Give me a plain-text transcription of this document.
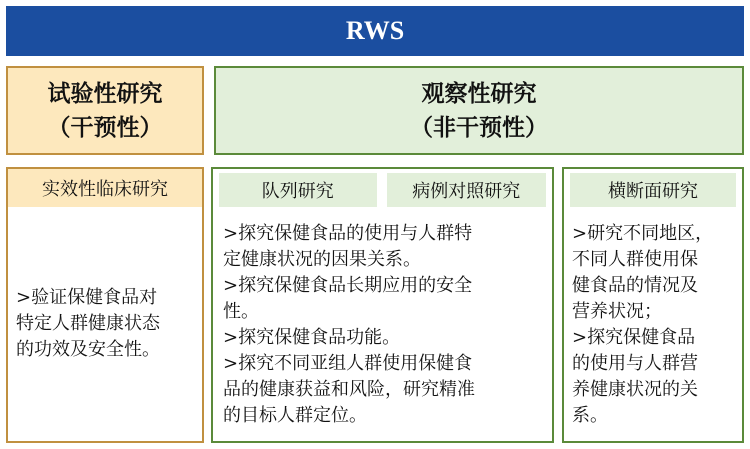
RWS
试验性研究
（干预性）
观察性研究
（非干预性）
实效性临床研究
>验证保健食品对
特定人群健康状态
的功效及安全性。
队列研究	病例对照研究
>探究保健食品的使用与人群特
定健康状况的因果关系。
>探究保健食品长期应用的安全
性。
>探究保健食品功能。
>探究不同亚组人群使用保健食
品的健康获益和风险，研究精准
的目标人群定位。
横断面研究
>研究不同地区，
不同人群使用保
健食品的情况及
营养状况；
>探究保健食品
的使用与人群营
养健康状况的关
系。
